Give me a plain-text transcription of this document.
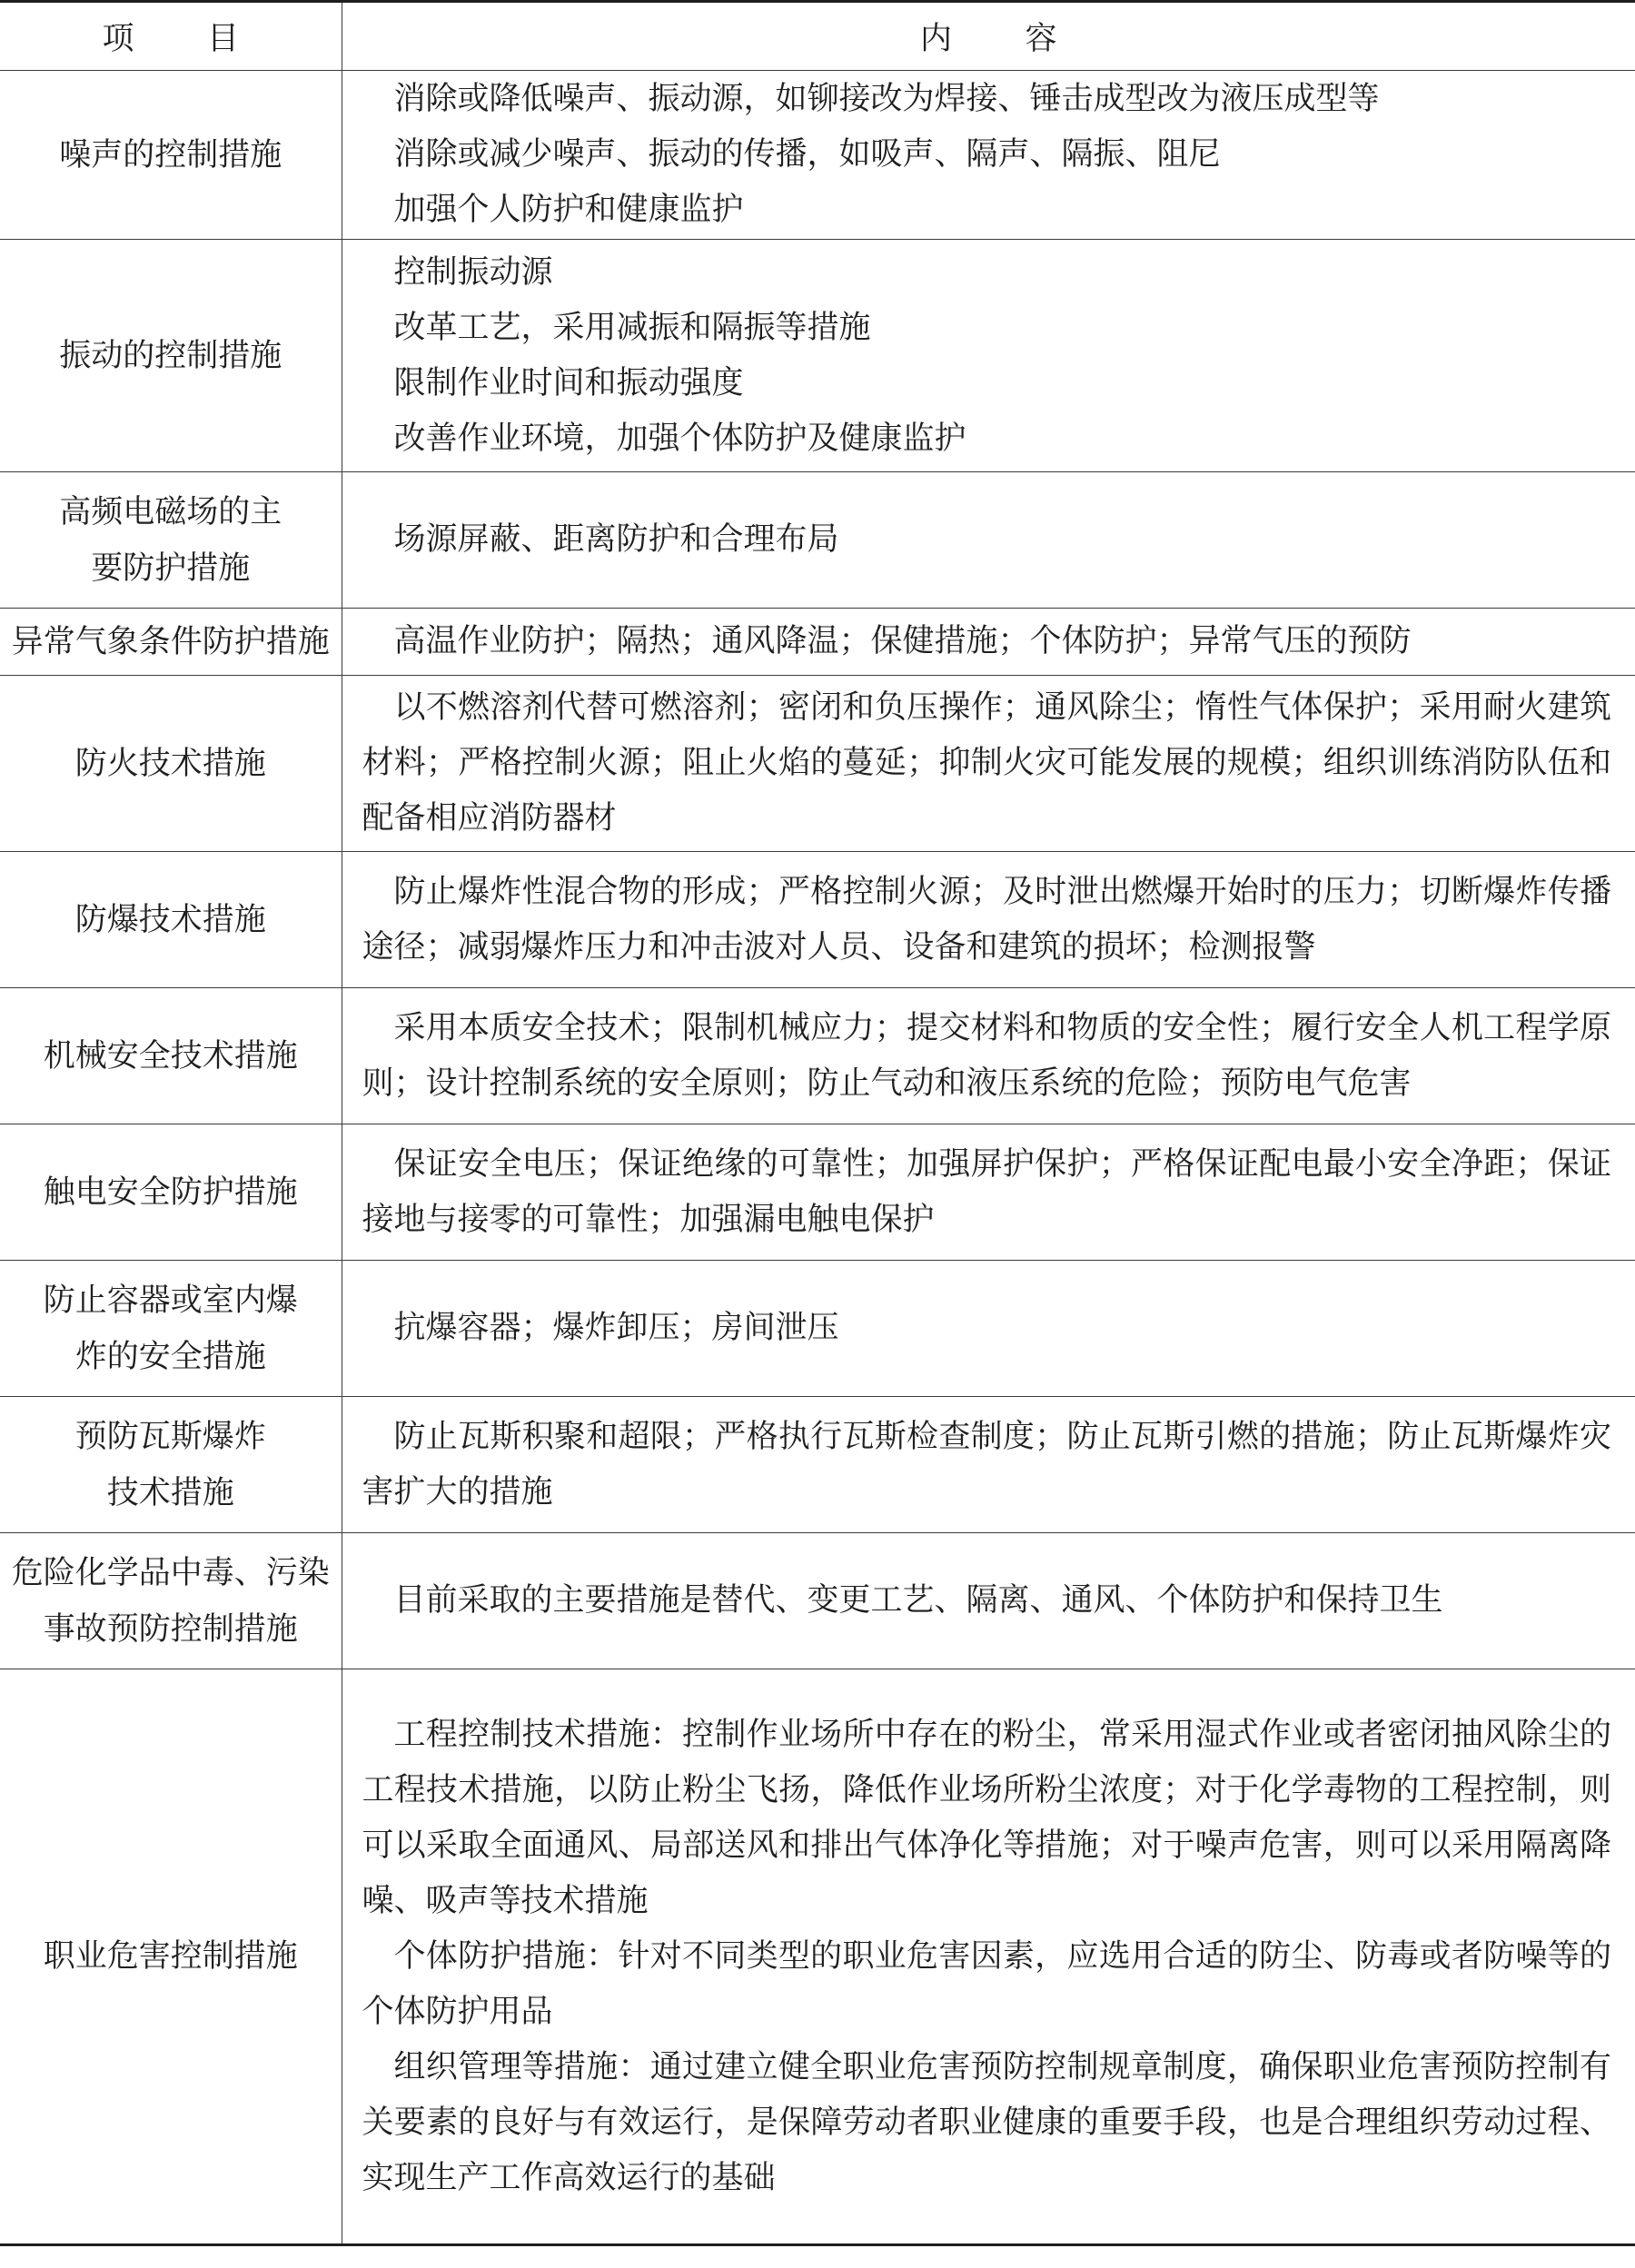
项目	内容

噪声的控制措施	消除或降低噪声、振动源，如铆接改为焊接、锤击成型改为液压成型等
消除或减少噪声、振动的传播，如吸声、隔声、隔振、阻尼
加强个人防护和健康监护

振动的控制措施	控制振动源
改革工艺，采用减振和隔振等措施
限制作业时间和振动强度
改善作业环境，加强个体防护及健康监护

高频电磁场的主
要防护措施	场源屏蔽、距离防护和合理布局

异常气象条件防护措施	高温作业防护；隔热；通风降温；保健措施；个体防护；异常气压的预防

防火技术措施	以不燃溶剂代替可燃溶剂；密闭和负压操作；通风除尘；惰性气体保护；采用耐火建筑材料；严格控制火源；阻止火焰的蔓延；抑制火灾可能发展的规模；组织训练消防队伍和配备相应消防器材

防爆技术措施	防止爆炸性混合物的形成；严格控制火源；及时泄出燃爆开始时的压力；切断爆炸传播途径；减弱爆炸压力和冲击波对人员、设备和建筑的损坏；检测报警

机械安全技术措施	采用本质安全技术；限制机械应力；提交材料和物质的安全性；履行安全人机工程学原则；设计控制系统的安全原则；防止气动和液压系统的危险；预防电气危害

触电安全防护措施	保证安全电压；保证绝缘的可靠性；加强屏护保护；严格保证配电最小安全净距；保证接地与接零的可靠性；加强漏电触电保护

防止容器或室内爆
炸的安全措施	抗爆容器；爆炸卸压；房间泄压

预防瓦斯爆炸
技术措施	防止瓦斯积聚和超限；严格执行瓦斯检查制度；防止瓦斯引燃的措施；防止瓦斯爆炸灾害扩大的措施

危险化学品中毒、污染
事故预防控制措施	目前采取的主要措施是替代、变更工艺、隔离、通风、个体防护和保持卫生

职业危害控制措施	工程控制技术措施：控制作业场所中存在的粉尘，常采用湿式作业或者密闭抽风除尘的工程技术措施，以防止粉尘飞扬，降低作业场所粉尘浓度；对于化学毒物的工程控制，则可以采取全面通风、局部送风和排出气体净化等措施；对于噪声危害，则可以采用隔离降噪、吸声等技术措施
个体防护措施：针对不同类型的职业危害因素，应选用合适的防尘、防毒或者防噪等的个体防护用品
组织管理等措施：通过建立健全职业危害预防控制规章制度，确保职业危害预防控制有关要素的良好与有效运行，是保障劳动者职业健康的重要手段，也是合理组织劳动过程、实现生产工作高效运行的基础
